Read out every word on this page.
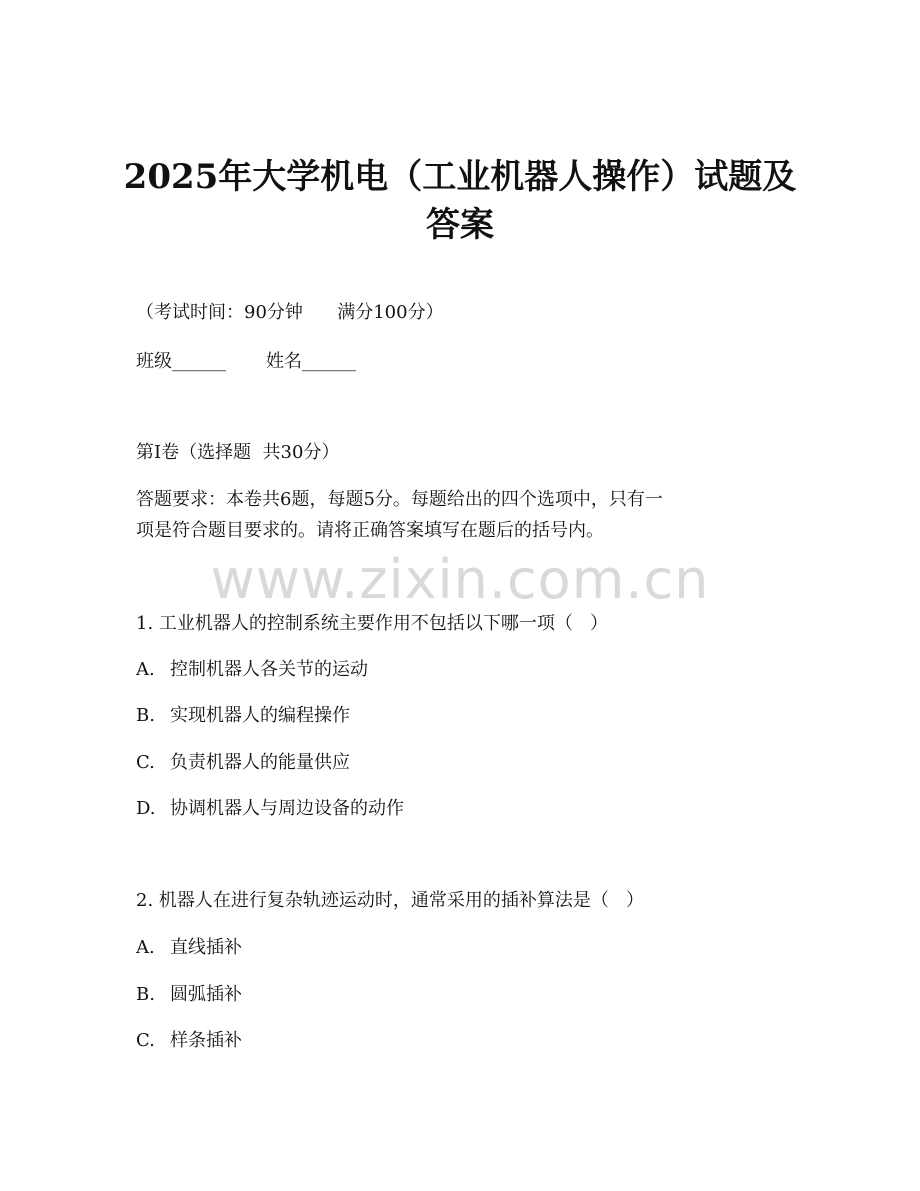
2025年大学机电（工业机器人操作）试题及
答案

（考试时间：90分钟      满分100分）

班级______       姓名______

第I卷（选择题  共30分）

答题要求：本卷共6题，每题5分。每题给出的四个选项中，只有一

项是符合题目要求的。请将正确答案填写在题后的括号内。

www.zixin.com.cn

1. 工业机器人的控制系统主要作用不包括以下哪一项（   ）

A. 控制机器人各关节的运动

B. 实现机器人的编程操作

C. 负责机器人的能量供应

D. 协调机器人与周边设备的动作

2. 机器人在进行复杂轨迹运动时，通常采用的插补算法是（   ）

A. 直线插补

B. 圆弧插补

C. 样条插补
